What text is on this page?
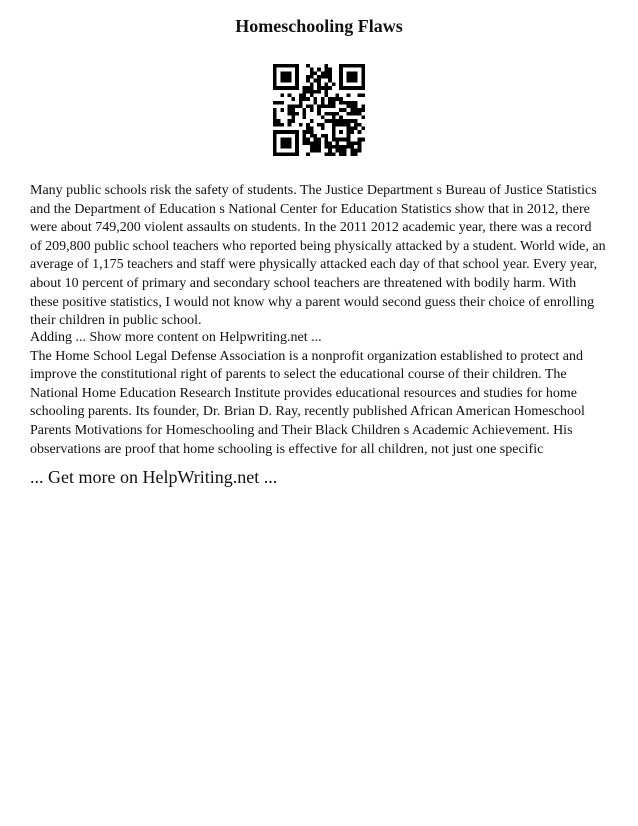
Homeschooling Flaws
Many public schools risk the safety of students. The Justice Department s Bureau of Justice Statistics
and the Department of Education s National Center for Education Statistics show that in 2012, there
were about 749,200 violent assaults on students. In the 2011 2012 academic year, there was a record
of 209,800 public school teachers who reported being physically attacked by a student. World wide, an
average of 1,175 teachers and staff were physically attacked each day of that school year. Every year,
about 10 percent of primary and secondary school teachers are threatened with bodily harm. With
these positive statistics, I would not know why a parent would second guess their choice of enrolling
their children in public school.
Adding ... Show more content on Helpwriting.net ...
The Home School Legal Defense Association is a nonprofit organization established to protect and
improve the constitutional right of parents to select the educational course of their children. The
National Home Education Research Institute provides educational resources and studies for home
schooling parents. Its founder, Dr. Brian D. Ray, recently published African American Homeschool
Parents Motivations for Homeschooling and Their Black Children s Academic Achievement. His
observations are proof that home schooling is effective for all children, not just one specific
... Get more on HelpWriting.net ...
